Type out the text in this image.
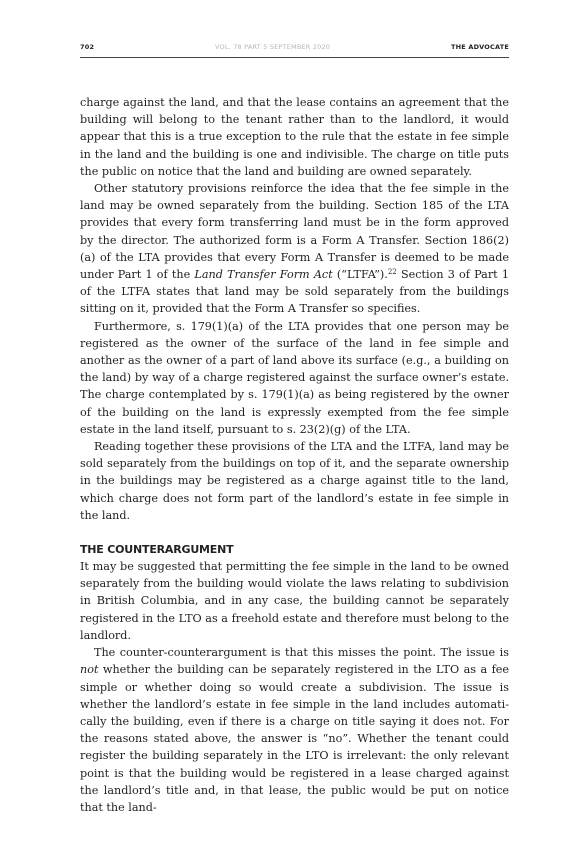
702	VOL. 78 PART 5 SEPTEMBER 2020	THE ADVOCATE

charge against the land, and that the lease contains an agreement that the building will belong to the tenant rather than to the landlord, it would appear that this is a true exception to the rule that the estate in fee simple in the land and the building is one and indivisible. The charge on title puts the public on notice that the land and building are owned separately.

Other statutory provisions reinforce the idea that the fee simple in the land may be owned separately from the building. Section 185 of the LTA provides that every form transferring land must be in the form approved by the director. The authorized form is a Form A Transfer. Section 186(2)(a) of the LTA provides that every Form A Transfer is deemed to be made under Part 1 of the Land Transfer Form Act (“LTFA”).$^{22}$ Section 3 of Part 1 of the LTFA states that land may be sold separately from the buildings sitting on it, provided that the Form A Transfer so specifies.

Furthermore, s. 179(1)(a) of the LTA provides that one person may be registered as the owner of the surface of the land in fee simple and another as the owner of a part of land above its surface (e.g., a building on the land) by way of a charge registered against the surface owner’s estate. The charge contemplated by s. 179(1)(a) as being registered by the owner of the building on the land is expressly exempted from the fee simple estate in the land itself, pursuant to s. 23(2)(g) of the LTA.

Reading together these provisions of the LTA and the LTFA, land may be sold separately from the buildings on top of it, and the separate ownership in the buildings may be registered as a charge against title to the land, which charge does not form part of the landlord’s estate in fee simple in the land.

THE COUNTERARGUMENT

It may be suggested that permitting the fee simple in the land to be owned separately from the building would violate the laws relating to subdivision in British Columbia, and in any case, the building cannot be separately registered in the LTO as a freehold estate and therefore must belong to the landlord.

The counter-counterargument is that this misses the point. The issue is not whether the building can be separately registered in the LTO as a fee simple or whether doing so would create a subdivision. The issue is whether the landlord’s estate in fee simple in the land includes automatically the building, even if there is a charge on title saying it does not. For the reasons stated above, the answer is “no”. Whether the tenant could register the building separately in the LTO is irrelevant: the only relevant point is that the building would be registered in a lease charged against the landlord’s title and, in that lease, the public would be put on notice that the land-
